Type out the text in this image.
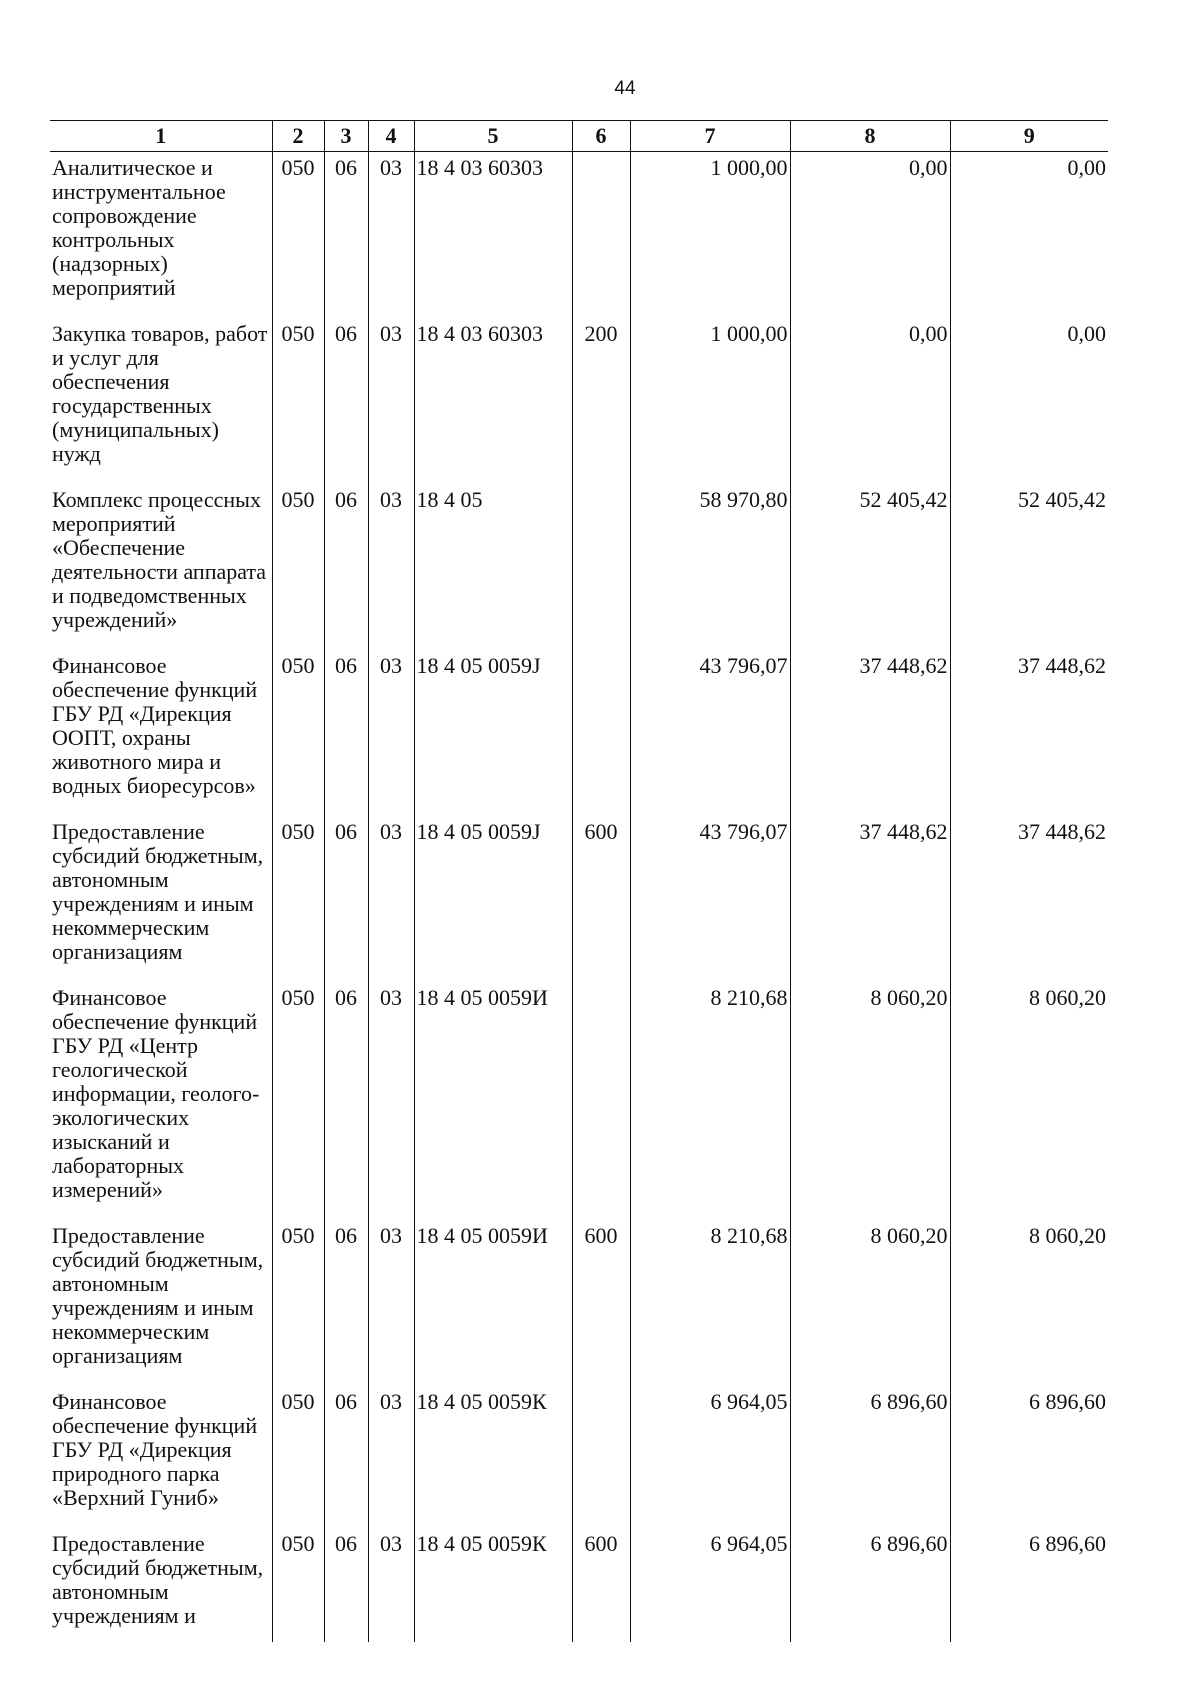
44
1	2	3	4	5	6	7	8	9
Аналитическое и инструментальное сопровождение контрольных (надзорных) мероприятий	050	06	03	18 4 03 60303		1 000,00	0,00	0,00
Закупка товаров, работ и услуг для обеспечения государственных (муниципальных) нужд	050	06	03	18 4 03 60303	200	1 000,00	0,00	0,00
Комплекс процессных мероприятий «Обеспечение деятельности аппарата и подведомственных учреждений»	050	06	03	18 4 05		58 970,80	52 405,42	52 405,42
Финансовое обеспечение функций ГБУ РД «Дирекция ООПТ, охраны животного мира и водных биоресурсов»	050	06	03	18 4 05 0059J		43 796,07	37 448,62	37 448,62
Предоставление субсидий бюджетным, автономным учреждениям и иным некоммерческим организациям	050	06	03	18 4 05 0059J	600	43 796,07	37 448,62	37 448,62
Финансовое обеспечение функций ГБУ РД «Центр геологической информации, геолого-экологических изысканий и лабораторных измерений»	050	06	03	18 4 05 0059И		8 210,68	8 060,20	8 060,20
Предоставление субсидий бюджетным, автономным учреждениям и иным некоммерческим организациям	050	06	03	18 4 05 0059И	600	8 210,68	8 060,20	8 060,20
Финансовое обеспечение функций ГБУ РД «Дирекция природного парка «Верхний Гуниб»	050	06	03	18 4 05 0059К		6 964,05	6 896,60	6 896,60
Предоставление субсидий бюджетным, автономным учреждениям и	050	06	03	18 4 05 0059К	600	6 964,05	6 896,60	6 896,60
